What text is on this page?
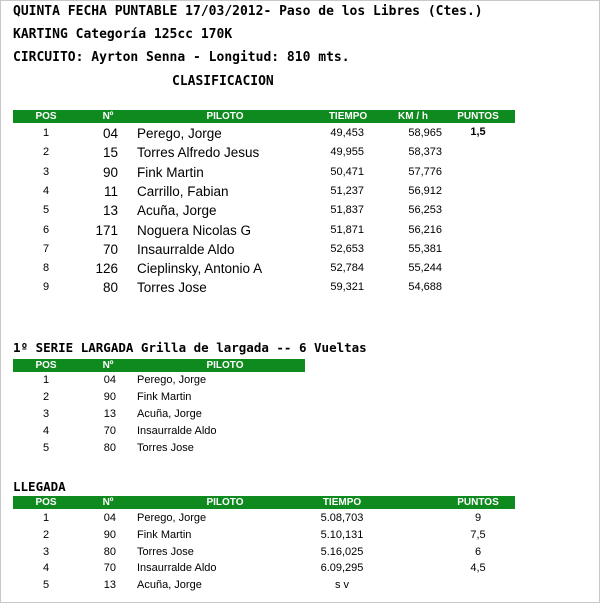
QUINTA FECHA PUNTABLE 17/03/2012- Paso de los Libres (Ctes.)
KARTING Categoría 125cc 170K
CIRCUITO: Ayrton Senna - Longitud: 810 mts.
CLASIFICACION
POS	Nº	PILOTO	TIEMPO	KM / h	PUNTOS
1	04 Perego, Jorge	49,453	58,965	1,5
2	15 Torres Alfredo Jesus	49,955	58,373
3	90 Fink Martin	50,471	57,776
4	11 Carrillo, Fabian	51,237	56,912
5	13 Acuña, Jorge	51,837	56,253
6	171 Noguera Nicolas G	51,871	56,216
7	70 Insaurralde Aldo	52,653	55,381
8	126 Cieplinsky, Antonio A	52,784	55,244
9	80 Torres Jose	59,321	54,688
1º SERIE LARGADA Grilla de largada -- 6 Vueltas
POS	Nº	PILOTO
1	04 Perego, Jorge
2	90 Fink Martin
3	13 Acuña, Jorge
4	70 Insaurralde Aldo
5	80 Torres Jose
LLEGADA
POS	Nº	PILOTO	TIEMPO	PUNTOS
1	04 Perego, Jorge	5.08,703	9
2	90 Fink Martin	5.10,131	7,5
3	80 Torres Jose	5.16,025	6
4	70 Insaurralde Aldo	6.09,295	4,5
5	13 Acuña, Jorge	s v
